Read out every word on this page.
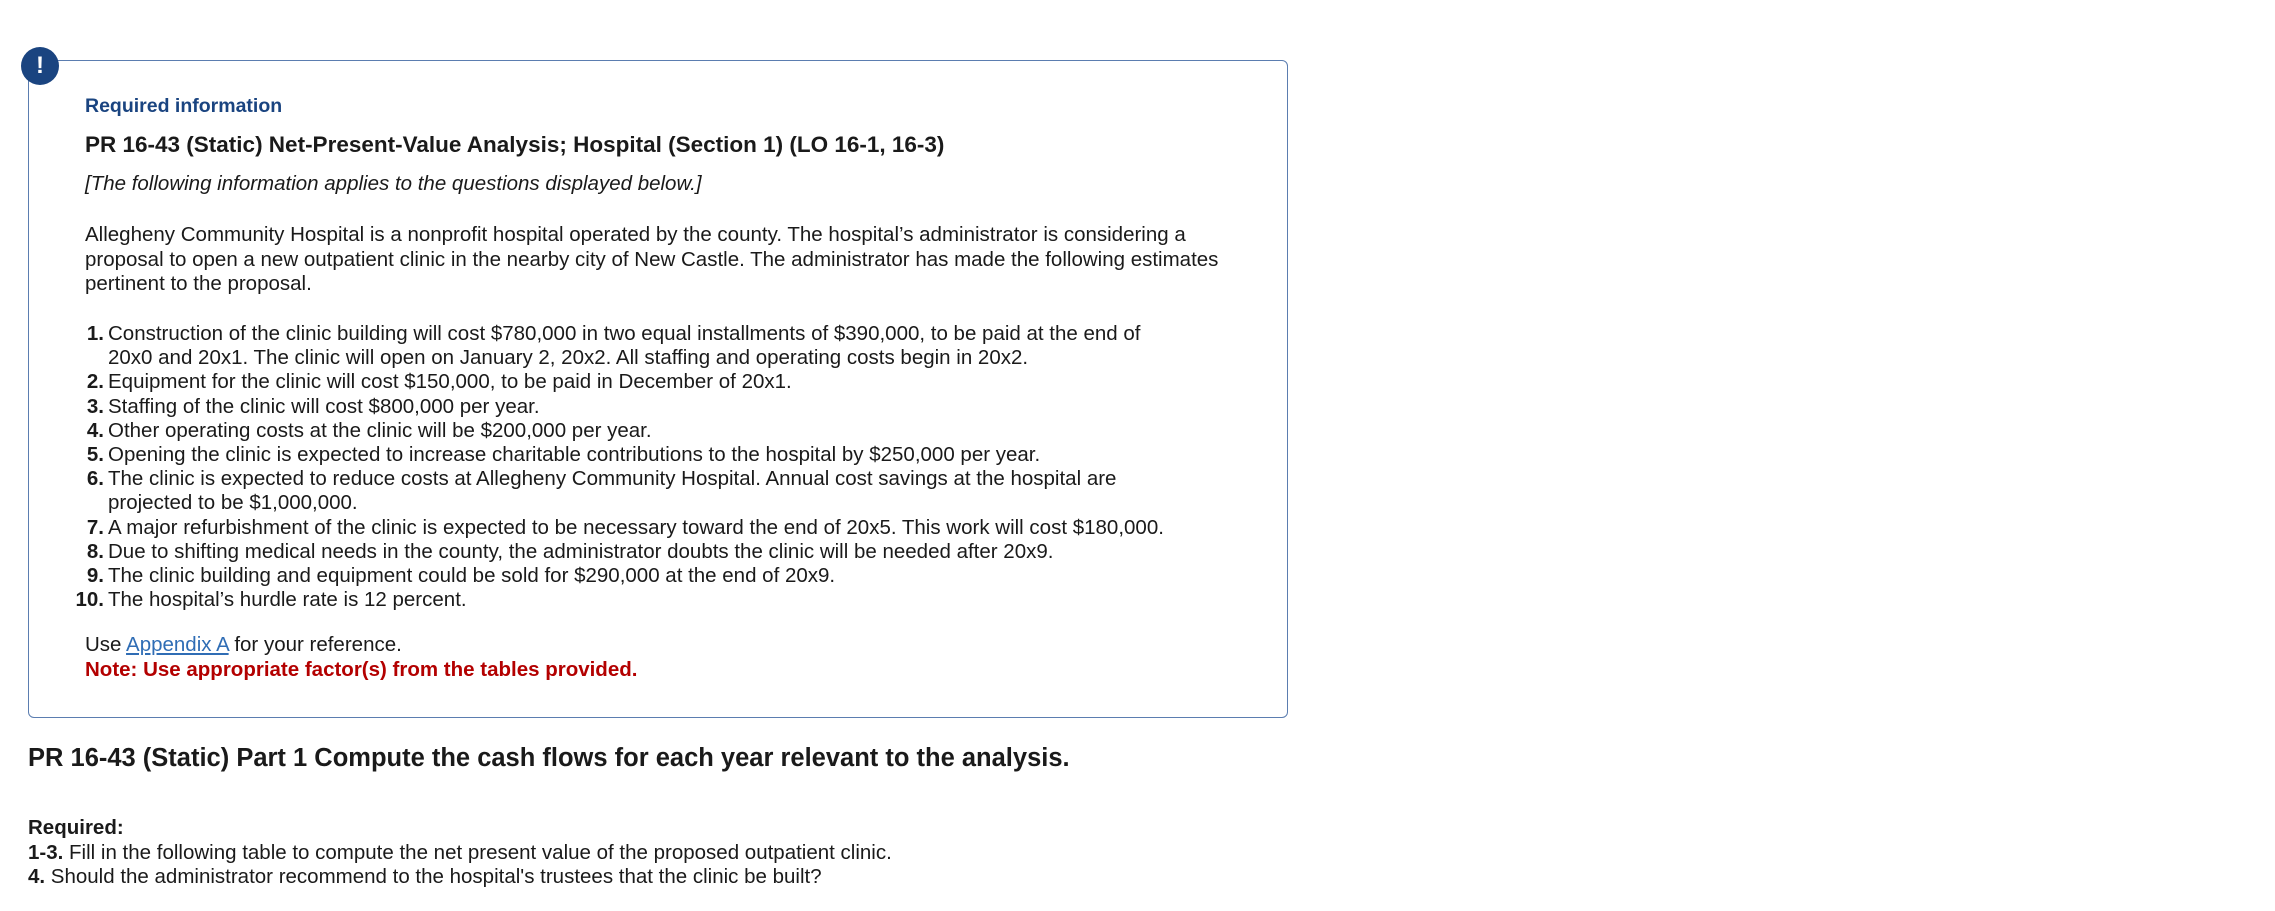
!
Required information
PR 16-43 (Static) Net-Present-Value Analysis; Hospital (Section 1) (LO 16-1, 16-3)
[The following information applies to the questions displayed below.]
Allegheny Community Hospital is a nonprofit hospital operated by the county. The hospital’s administrator is considering a proposal to open a new outpatient clinic in the nearby city of New Castle. The administrator has made the following estimates pertinent to the proposal.
1. Construction of the clinic building will cost $780,000 in two equal installments of $390,000, to be paid at the end of
20x0 and 20x1. The clinic will open on January 2, 20x2. All staffing and operating costs begin in 20x2.
2. Equipment for the clinic will cost $150,000, to be paid in December of 20x1.
3. Staffing of the clinic will cost $800,000 per year.
4. Other operating costs at the clinic will be $200,000 per year.
5. Opening the clinic is expected to increase charitable contributions to the hospital by $250,000 per year.
6. The clinic is expected to reduce costs at Allegheny Community Hospital. Annual cost savings at the hospital are
projected to be $1,000,000.
7. A major refurbishment of the clinic is expected to be necessary toward the end of 20x5. This work will cost $180,000.
8. Due to shifting medical needs in the county, the administrator doubts the clinic will be needed after 20x9.
9. The clinic building and equipment could be sold for $290,000 at the end of 20x9.
10. The hospital’s hurdle rate is 12 percent.
Use Appendix A for your reference.
Note: Use appropriate factor(s) from the tables provided.
PR 16-43 (Static) Part 1 Compute the cash flows for each year relevant to the analysis.
Required:
1-3. Fill in the following table to compute the net present value of the proposed outpatient clinic.
4. Should the administrator recommend to the hospital's trustees that the clinic be built?
